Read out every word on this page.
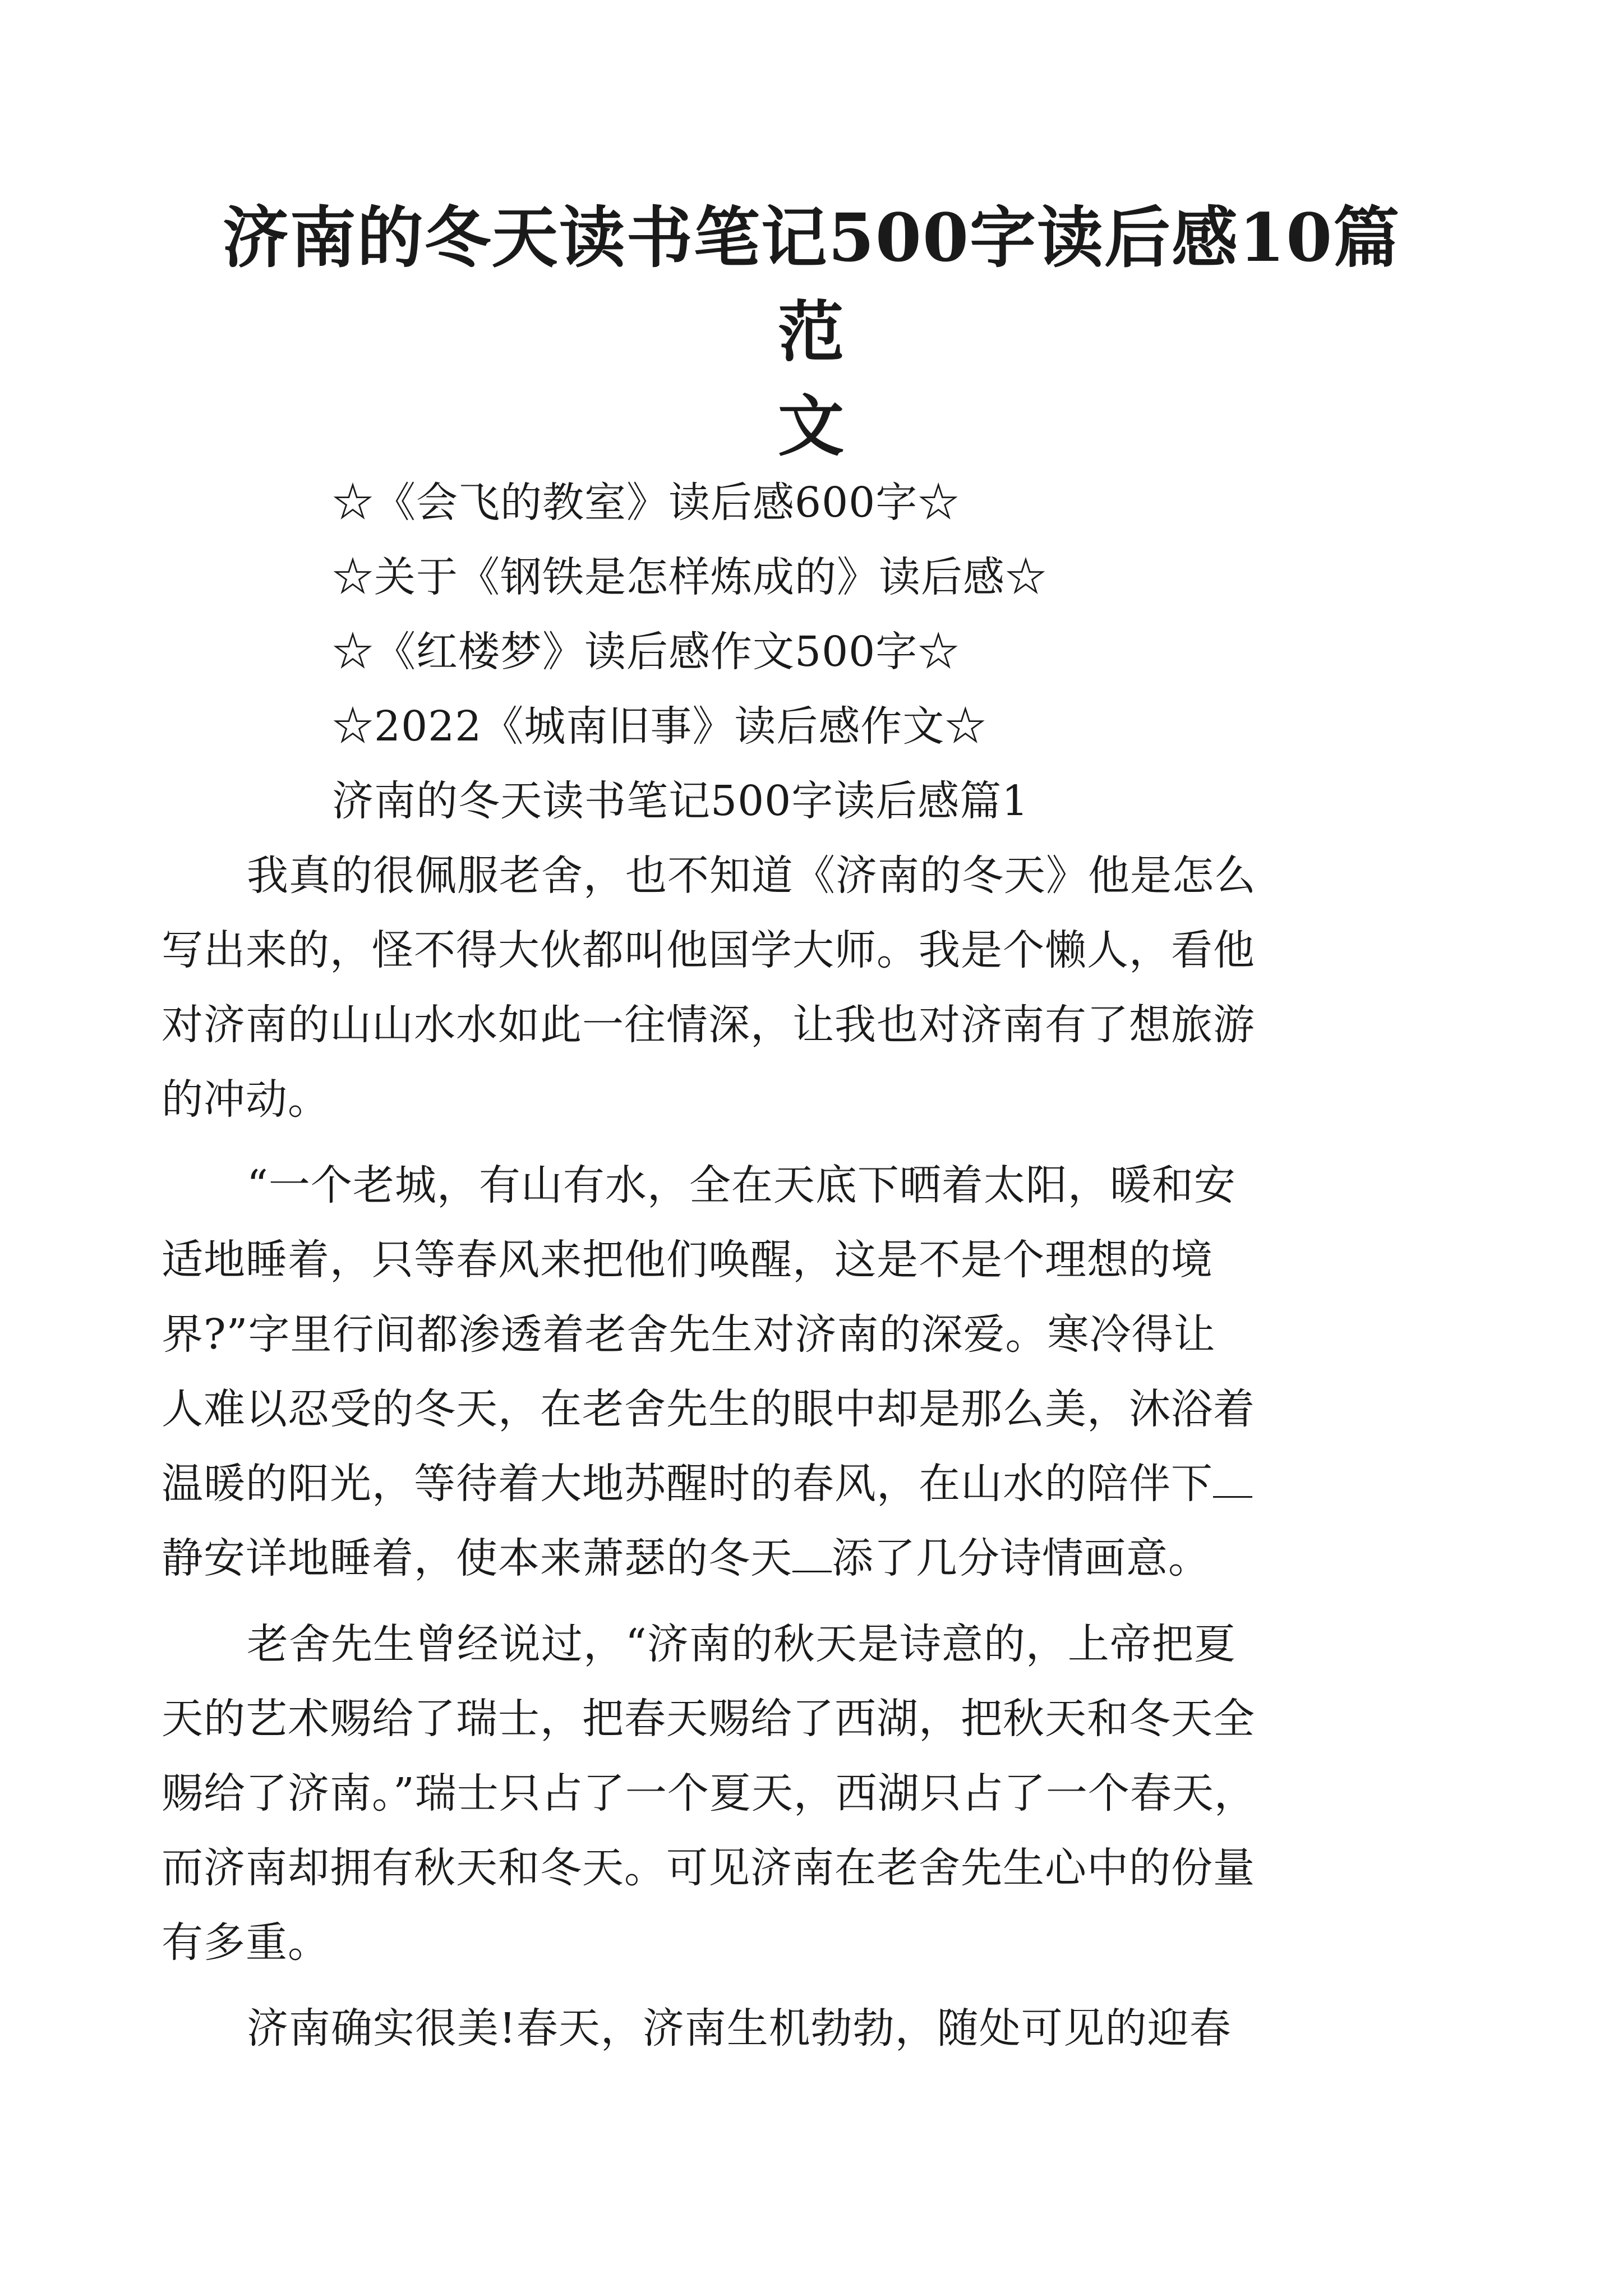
济南的冬天读书笔记500字读后感10篇范
文

☆《会飞的教室》读后感600字☆

☆关于《钢铁是怎样炼成的》读后感☆

☆《红楼梦》读后感作文500字☆

☆2022《城南旧事》读后感作文☆

济南的冬天读书笔记500字读后感篇1

我真的很佩服老舍，也不知道《济南的冬天》他是怎么

写出来的，怪不得大伙都叫他国学大师。我是个懒人，看他

对济南的山山水水如此一往情深，让我也对济南有了想旅游

的冲动。

“一个老城，有山有水，全在天底下晒着太阳，暖和安

适地睡着，只等春风来把他们唤醒，这是不是个理想的境

界?”字里行间都渗透着老舍先生对济南的深爱。寒冷得让

人难以忍受的冬天，在老舍先生的眼中却是那么美，沐浴着

温暖的阳光，等待着大地苏醒时的春风，在山水的陪伴下

静安详地睡着，使本来萧瑟的冬天 添了几分诗情画意。

老舍先生曾经说过，“济南的秋天是诗意的，上帝把夏

天的艺术赐给了瑞士，把春天赐给了西湖，把秋天和冬天全

赐给了济南。”瑞士只占了一个夏天，西湖只占了一个春天，

而济南却拥有秋天和冬天。可见济南在老舍先生心中的份量

有多重。

济南确实很美!春天，济南生机勃勃，随处可见的迎春
